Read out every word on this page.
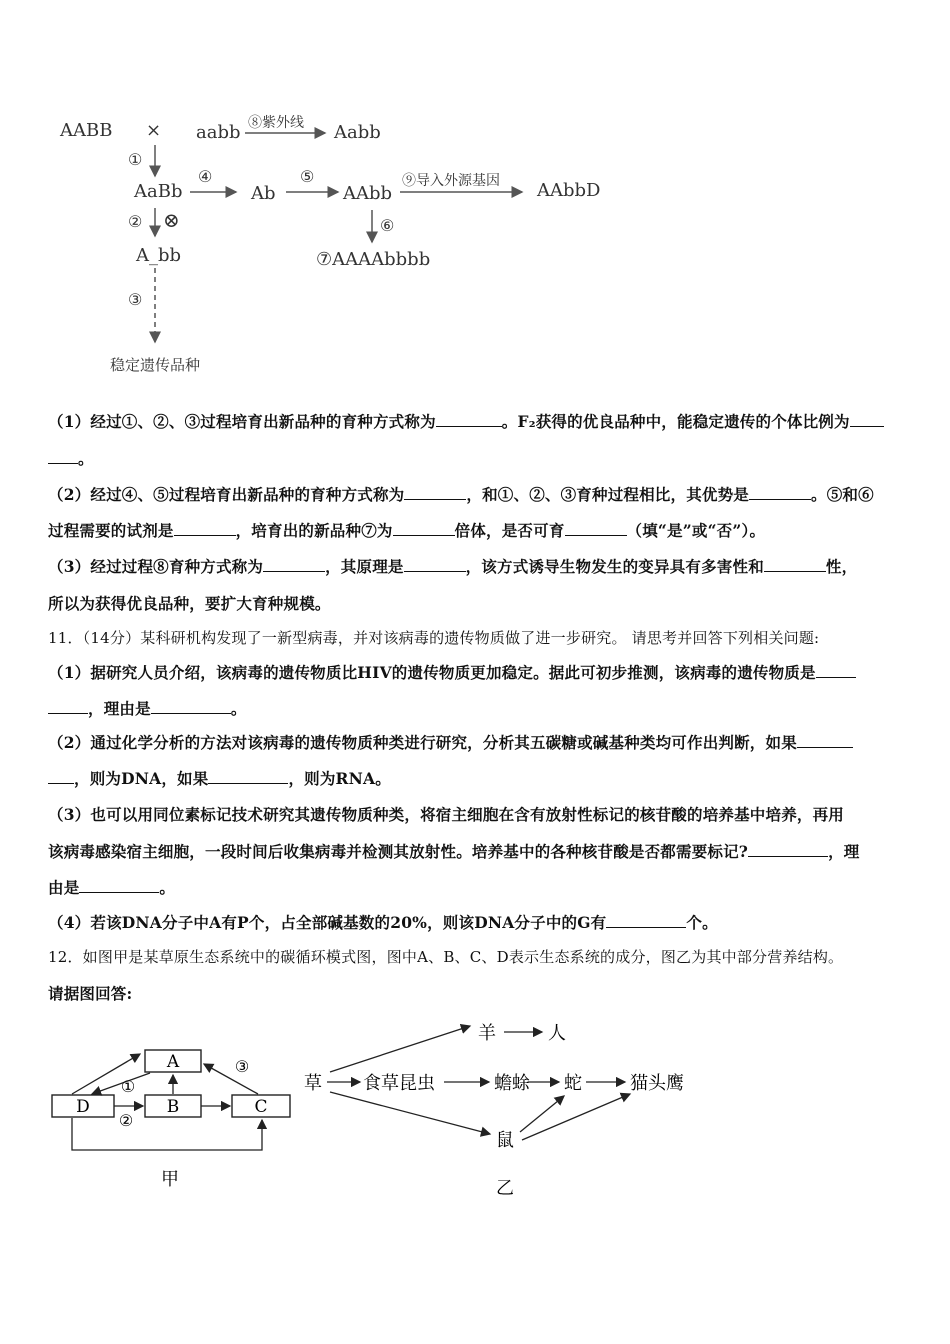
AABB × aabb ⑧紫外线 Aabb
①
AaBb
④
Ab
⑤
AAbb
⑨导入外源基因 AAbbD
② ⊗	⑥
A_bb	⑦AAAAbbbb
③
稳定遗传品种
（1）经过①、②、③过程培育出新品种的育种方式称为	。F₂获得的优良品种中，能稳定遗传的个体比例为
。
（2）经过④、⑤过程培育出新品种的育种方式称为	，和①、②、③育种过程相比，其优势是	。⑤和⑥
过程需要的试剂是	，培育出的新品种⑦为	倍体，是否可育	（填“是”或“否”）。
（3）经过过程⑧育种方式称为	，其原理是	，该方式诱导生物发生的变异具有多害性和	性，
所以为获得优良品种，要扩大育种规模。
11．（14分）某科研机构发现了一新型病毒，并对该病毒的遗传物质做了进一步研究。 请思考并回答下列相关问题:
（1）据研究人员介绍，该病毒的遗传物质比HIV的遗传物质更加稳定。据此可初步推测，该病毒的遗传物质是
，理由是	。
（2）通过化学分析的方法对该病毒的遗传物质种类进行研究，分析其五碳糖或碱基种类均可作出判断，如果
，则为DNA，如果	，则为RNA。
（3）也可以用同位素标记技术研究其遗传物质种类，将宿主细胞在含有放射性标记的核苷酸的培养基中培养，再用
该病毒感染宿主细胞，一段时间后收集病毒并检测其放射性。培养基中的各种核苷酸是否都需要标记?	，理
由是	。
（4）若该DNA分子中A有P个，占全部碱基数的20%，则该DNA分子中的G有	个。
12．如图甲是某草原生态系统中的碳循环模式图，图中A、B、C、D表示生态系统的成分，图乙为其中部分营养结构。
请据图回答:
A
D	B	C
①
②
③
甲
草
羊	人
食草昆虫	蟾蜍 蛇	猫头鹰
鼠
乙
